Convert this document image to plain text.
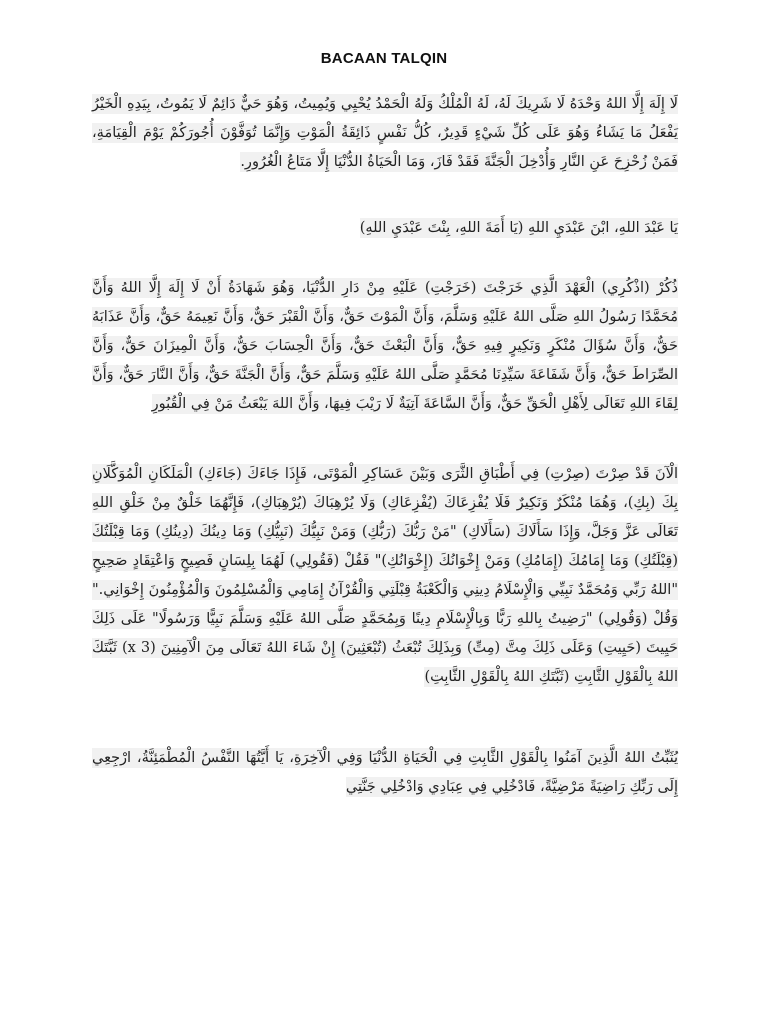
BACAAN TALQIN

لَا إِلَهَ إِلَّا اللهُ وَحْدَهُ لَا شَرِيكَ لَهُ، لَهُ الْمُلْكُ وَلَهُ الْحَمْدُ يُحْيِي وَيُمِيتُ، وَهُوَ حَيٌّ دَائِمٌ لَا يَمُوتُ، بِيَدِهِ الْخَيْرُ يَفْعَلُ مَا يَشَاءُ وَهُوَ عَلَى كُلِّ شَيْءٍ قَدِيرٌ، كُلُّ نَفْسٍ ذَائِقَةُ الْمَوْتِ وَإِنَّمَا تُوَفَّوْنَ أُجُورَكُمْ يَوْمَ الْقِيَامَةِ، فَمَنْ زُحْزِحَ عَنِ النَّارِ وَأُدْخِلَ الْجَنَّةَ فَقَدْ فَازَ، وَمَا الْحَيَاةُ الدُّنْيَا إِلَّا مَتَاعُ الْغُرُورِ.

يَا عَبْدَ اللهِ، ابْنَ عَبْدَيِ اللهِ (يَا أَمَةَ اللهِ، بِنْتَ عَبْدَيِ اللهِ)

ذُكُرْ (اذْكُرِي) الْعَهْدَ الَّذِي خَرَجْتَ (خَرَجْتِ) عَلَيْهِ مِنْ دَارِ الدُّنْيَا، وَهُوَ شَهَادَةُ أَنْ لَا إِلَهَ إِلَّا اللهُ وَأَنَّ مُحَمَّدًا رَسُولُ اللهِ صَلَّى اللهُ عَلَيْهِ وَسَلَّمَ، وَأَنَّ الْمَوْتَ حَقٌّ، وَأَنَّ الْقَبْرَ حَقٌّ، وَأَنَّ نَعِيمَهُ حَقٌّ، وَأَنَّ عَذَابَهُ حَقٌّ، وَأَنَّ سُؤَالَ مُنْكَرٍ وَنَكِيرٍ فِيهِ حَقٌّ، وَأَنَّ الْبَعْثَ حَقٌّ، وَأَنَّ الْحِسَابَ حَقٌّ، وَأَنَّ الْمِيزَانَ حَقٌّ، وَأَنَّ الصِّرَاطَ حَقٌّ، وَأَنَّ شَفَاعَةَ سَيِّدِنَا مُحَمَّدٍ صَلَّى اللهُ عَلَيْهِ وَسَلَّمَ حَقٌّ، وَأَنَّ الْجَنَّةَ حَقٌّ، وَأَنَّ النَّارَ حَقٌّ، وَأَنَّ لِقَاءَ اللهِ تَعَالَى لِأَهْلِ الْحَقِّ حَقٌّ، وَأَنَّ السَّاعَةَ آتِيَةٌ لَا رَيْبَ فِيهَا، وَأَنَّ اللهَ يَبْعَثُ مَنْ فِي الْقُبُورِ

الْآنَ قَدْ صِرْتَ (صِرْتِ) فِي أَطْبَاقِ الثَّرَى وَبَيْنَ عَسَاكِرِ الْمَوْتَى، فَإِذَا جَاءَكَ (جَاءَكِ) الْمَلَكَانِ الْمُوَكَّلَانِ بِكَ (بِكِ)، وَهُمَا مُنْكَرٌ وَنَكِيرٌ فَلَا يُفْزِعَاكَ (يُفْزِعَاكِ) وَلَا يُرْهِبَاكَ (يُرْهِبَاكِ)، فَإِنَّهُمَا خَلْقٌ مِنْ خَلْقِ اللهِ تَعَالَى عَزَّ وَجَلَّ، وَإِذَا سَأَلَاكَ (سَأَلَاكِ) "مَنْ رَبُّكَ (رَبُّكِ) وَمَنْ نَبِيُّكَ (نَبِيُّكِ) وَمَا دِينُكَ (دِينُكِ) وَمَا قِبْلَتُكَ (قِبْلَتُكِ) وَمَا إِمَامُكَ (إِمَامُكِ) وَمَنْ إِخْوَانُكَ (إِخْوَانُكِ)" فَقُلْ (فَقُولِي) لَهُمَا بِلِسَانٍ فَصِيحٍ وَاعْتِقَادٍ صَحِيحٍ "اللهُ رَبِّي وَمُحَمَّدٌ نَبِيِّي وَالْإِسْلَامُ دِينِي وَالْكَعْبَةُ قِبْلَتِي وَالْقُرْآنُ إِمَامِي وَالْمُسْلِمُونَ وَالْمُؤْمِنُونَ إِخْوَانِي." وَقُلْ (وَقُولِي) "رَضِيتُ بِاللهِ رَبًّا وَبِالْإِسْلَامِ دِينًا وَبِمُحَمَّدٍ صَلَّى اللهُ عَلَيْهِ وَسَلَّمَ نَبِيًّا وَرَسُولًا" عَلَى ذَلِكَ حَيِيتَ (حَيِيتِ) وَعَلَى ذَلِكَ مِتَّ (مِتِّ) وَبِذَلِكَ تُبْعَثُ (تُبْعَثِينَ) إِنْ شَاءَ اللهُ تَعَالَى مِنَ الْآمِنِينَ (3 x) ثَبَّتَكَ اللهُ بِالْقَوْلِ الثَّابِتِ (ثَبَّتَكِ اللهُ بِالْقَوْلِ الثَّابِتِ)

يُثَبِّتُ اللهُ الَّذِينَ آمَنُوا بِالْقَوْلِ الثَّابِتِ فِي الْحَيَاةِ الدُّنْيَا وَفِي الْآخِرَةِ، يَا أَيَّتُهَا النَّفْسُ الْمُطْمَئِنَّةُ، ارْجِعِي إِلَى رَبِّكِ رَاضِيَةً مَرْضِيَّةً، فَادْخُلِي فِي عِبَادِي وَادْخُلِي جَنَّتِي
